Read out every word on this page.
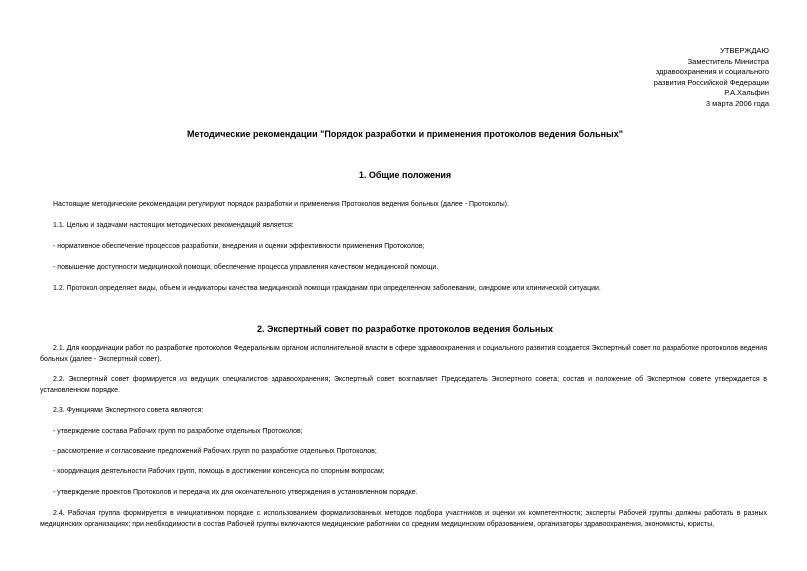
УТВЕРЖДАЮ
Заместитель Министра
здравоохранения и социального
развития Российской Федерации
Р.А.Хальфин
3 марта 2006 года
Методические рекомендации "Порядок разработки и применения протоколов ведения больных"
1. Общие положения
Настоящие методические рекомендации регулируют порядок разработки и применения Протоколов ведения больных (далее - Протоколы).
1.1. Целью и задачами настоящих методических рекомендаций является:
- нормативное обеспечение процессов разработки, внедрения и оценки эффективности применения Протоколов;
- повышение доступности медицинской помощи, обеспечение процесса управления качеством медицинской помощи.
1.2. Протокол определяет виды, объем и индикаторы качества медицинской помощи гражданам при определенном заболевании, синдроме или клинической ситуации.
2. Экспертный совет по разработке протоколов ведения больных
2.1. Для координации работ по разработке протоколов Федеральным органом исполнительной власти в сфере здравоохранения и социального развития создается Экспертный совет по разработке протоколов ведения больных (далее - Экспертный совет).
2.2. Экспертный совет формируется из ведущих специалистов здравоохранения; Экспертный совет возглавляет Председатель Экспертного совета; состав и положение об Экспертном совете утверждается в установленном порядке.
2.3. Функциями Экспертного совета являются:
- утверждение состава Рабочих групп по разработке отдельных Протоколов;
- рассмотрение и согласование предложений Рабочих групп по разработке отдельных Протоколов;
- координация деятельности Рабочих групп, помощь в достижении консенсуса по спорным вопросам;
- утверждение проектов Протоколов и передача их для окончательного утверждения в установленном порядке.
2.4. Рабочая группа формируется в инициативном порядке с использованием формализованных методов подбора участников и оценки их компетентности; эксперты Рабочей группы должны работать в разных медицинских организациях; при необходимости в состав Рабочей группы включаются медицинские работники со средним медицинским образованием, организаторы здравоохранения, экономисты, юристы,
